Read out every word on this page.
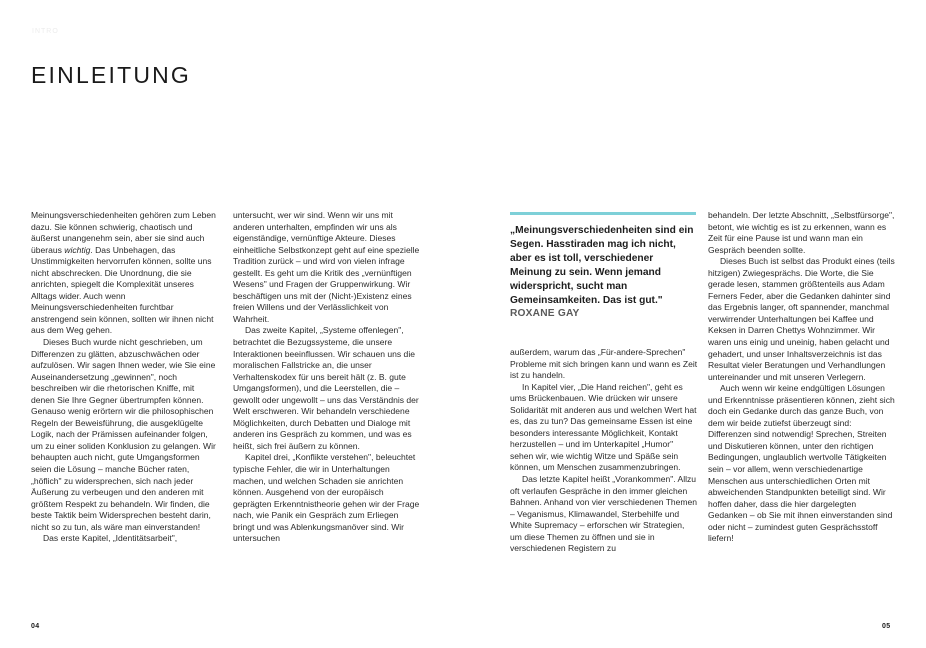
INTRO
EINLEITUNG
04	05

Meinungsverschiedenheiten gehören zum Leben dazu. Sie können schwierig, chaotisch und äußerst unangenehm sein, aber sie sind auch überaus wichtig. Das Unbehagen, das Unstimmigkeiten hervorrufen können, sollte uns nicht abschrecken. Die Unordnung, die sie anrichten, spiegelt die Komplexität unseres Alltags wider. Auch wenn Meinungsverschiedenheiten furchtbar anstrengend sein können, sollten wir ihnen nicht aus dem Weg gehen.

Dieses Buch wurde nicht geschrieben, um Differenzen zu glätten, abzuschwächen oder aufzulösen. Wir sagen Ihnen weder, wie Sie eine Auseinandersetzung „gewinnen", noch beschreiben wir die rhetorischen Kniffe, mit denen Sie Ihre Gegner übertrumpfen können. Genauso wenig erörtern wir die philosophischen Regeln der Beweisführung, die ausgeklügelte Logik, nach der Prämissen aufeinander folgen, um zu einer soliden Konklusion zu gelangen. Wir behaupten auch nicht, gute Umgangsformen seien die Lösung – manche Bücher raten, „höflich" zu widersprechen, sich nach jeder Äußerung zu verbeugen und den anderen mit größtem Respekt zu behandeln. Wir finden, die beste Taktik beim Widersprechen besteht darin, nicht so zu tun, als wäre man einverstanden!

Das erste Kapitel, „Identitätsarbeit",

untersucht, wer wir sind. Wenn wir uns mit anderen unterhalten, empfinden wir uns als eigenständige, vernünftige Akteure. Dieses einheitliche Selbstkonzept geht auf eine spezielle Tradition zurück – und wird von vielen infrage gestellt. Es geht um die Kritik des „vernünftigen Wesens" und Fragen der Gruppenwirkung. Wir beschäftigen uns mit der (Nicht-)Existenz eines freien Willens und der Verlässlichkeit von Wahrheit.

Das zweite Kapitel, „Systeme offenlegen", betrachtet die Bezugssysteme, die unsere Interaktionen beeinflussen. Wir schauen uns die moralischen Fallstricke an, die unser Verhaltenskodex für uns bereit hält (z. B. gute Umgangsformen), und die Leerstellen, die – gewollt oder ungewollt – uns das Verständnis der Welt erschweren. Wir behandeln verschiedene Möglichkeiten, durch Debatten und Dialoge mit anderen ins Gespräch zu kommen, und was es heißt, sich frei äußern zu können.

Kapitel drei, „Konflikte verstehen", beleuchtet typische Fehler, die wir in Unterhaltungen machen, und welchen Schaden sie anrichten können. Ausgehend von der europäisch geprägten Erkenntnistheorie gehen wir der Frage nach, wie Panik ein Gespräch zum Erliegen bringt und was Ablenkungsmanöver sind. Wir untersuchen

„Meinungsverschiedenheiten sind ein Segen. Hasstiraden mag ich nicht, aber es ist toll, verschiedener Meinung zu sein. Wenn jemand widerspricht, sucht man Gemeinsamkeiten. Das ist gut."

ROXANE GAY

außerdem, warum das „Für-andere-Sprechen" Probleme mit sich bringen kann und wann es Zeit ist zu handeln.

In Kapitel vier, „Die Hand reichen", geht es ums Brückenbauen. Wie drücken wir unsere Solidarität mit anderen aus und welchen Wert hat es, das zu tun? Das gemeinsame Essen ist eine besonders interessante Möglichkeit, Kontakt herzustellen – und im Unterkapitel „Humor" sehen wir, wie wichtig Witze und Späße sein können, um Menschen zusammenzubringen.

Das letzte Kapitel heißt „Vorankommen". Allzu oft verlaufen Gespräche in den immer gleichen Bahnen. Anhand von vier verschiedenen Themen – Veganismus, Klimawandel, Sterbehilfe und White Supremacy – erforschen wir Strategien, um diese Themen zu öffnen und sie in verschiedenen Registern zu

behandeln. Der letzte Abschnitt, „Selbstfürsorge", betont, wie wichtig es ist zu erkennen, wann es Zeit für eine Pause ist und wann man ein Gespräch beenden sollte.

Dieses Buch ist selbst das Produkt eines (teils hitzigen) Zwiegesprächs. Die Worte, die Sie gerade lesen, stammen größtenteils aus Adam Ferners Feder, aber die Gedanken dahinter sind das Ergebnis langer, oft spannender, manchmal verwirrender Unterhaltungen bei Kaffee und Keksen in Darren Chettys Wohnzimmer. Wir waren uns einig und uneinig, haben gelacht und gehadert, und unser Inhaltsverzeichnis ist das Resultat vieler Beratungen und Verhandlungen untereinander und mit unseren Verlegern.

Auch wenn wir keine endgültigen Lösungen und Erkenntnisse präsentieren können, zieht sich doch ein Gedanke durch das ganze Buch, von dem wir beide zutiefst überzeugt sind: Differenzen sind notwendig! Sprechen, Streiten und Diskutieren können, unter den richtigen Bedingungen, unglaublich wertvolle Tätigkeiten sein – vor allem, wenn verschiedenartige Menschen aus unterschiedlichen Orten mit abweichenden Standpunkten beteiligt sind. Wir hoffen daher, dass die hier dargelegten Gedanken – ob Sie mit ihnen einverstanden sind oder nicht – zumindest guten Gesprächsstoff liefern!
